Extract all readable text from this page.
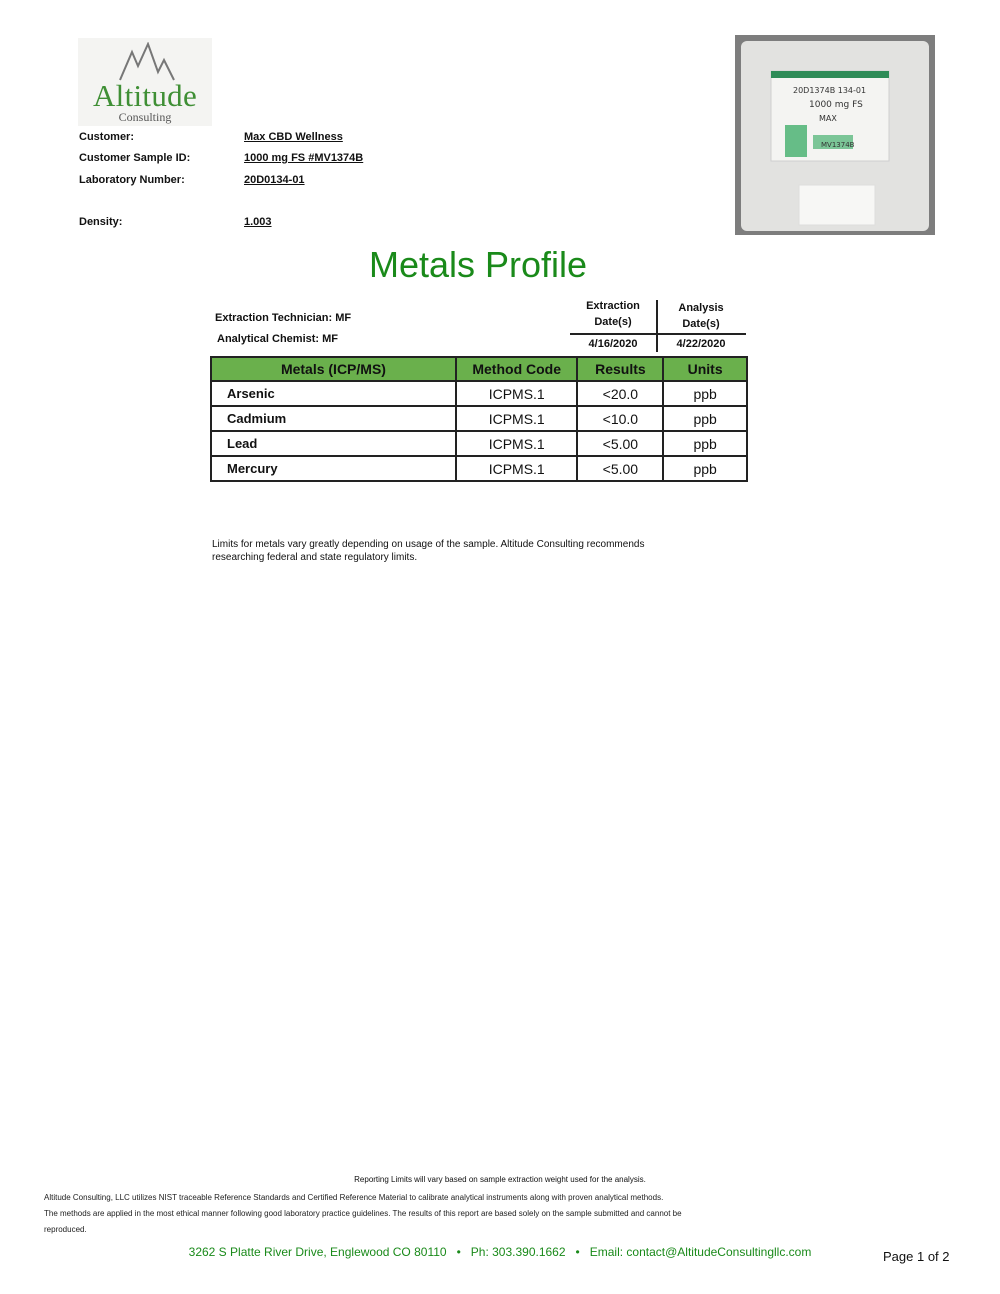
Altitude
Consulting
Customer:	Max CBD Wellness
Customer Sample ID:	1000 mg FS #MV1374B
Laboratory Number:	20D0134-01
Density:	1.003
20D1374B 134-01
1000 mg FS
MAX
MV1374B
Metals Profile
Extraction Technician: MF
Analytical Chemist: MF
Extraction
Date(s)
Analysis
Date(s)
4/16/2020	4/22/2020
Metals (ICP/MS)	Method Code	Results	Units
Arsenic	ICPMS.1	<20.0	ppb
Cadmium	ICPMS.1	<10.0	ppb
Lead	ICPMS.1	<5.00	ppb
Mercury	ICPMS.1	<5.00	ppb
Limits for metals vary greatly depending on usage of the sample. Altitude Consulting recommends researching federal and state regulatory limits.
Reporting Limits will vary based on sample extraction weight used for the analysis.
Altitude Consulting, LLC utilizes NIST traceable Reference Standards and Certified Reference Material to calibrate analytical instruments along with proven analytical methods.
The methods are applied in the most ethical manner following good laboratory practice guidelines. The results of this report are based solely on the sample submitted and cannot be
reproduced.
3262 S Platte River Drive, Englewood CO 80110   •   Ph: 303.390.1662   •   Email: contact@AltitudeConsultingllc.com	Page 1 of 2
